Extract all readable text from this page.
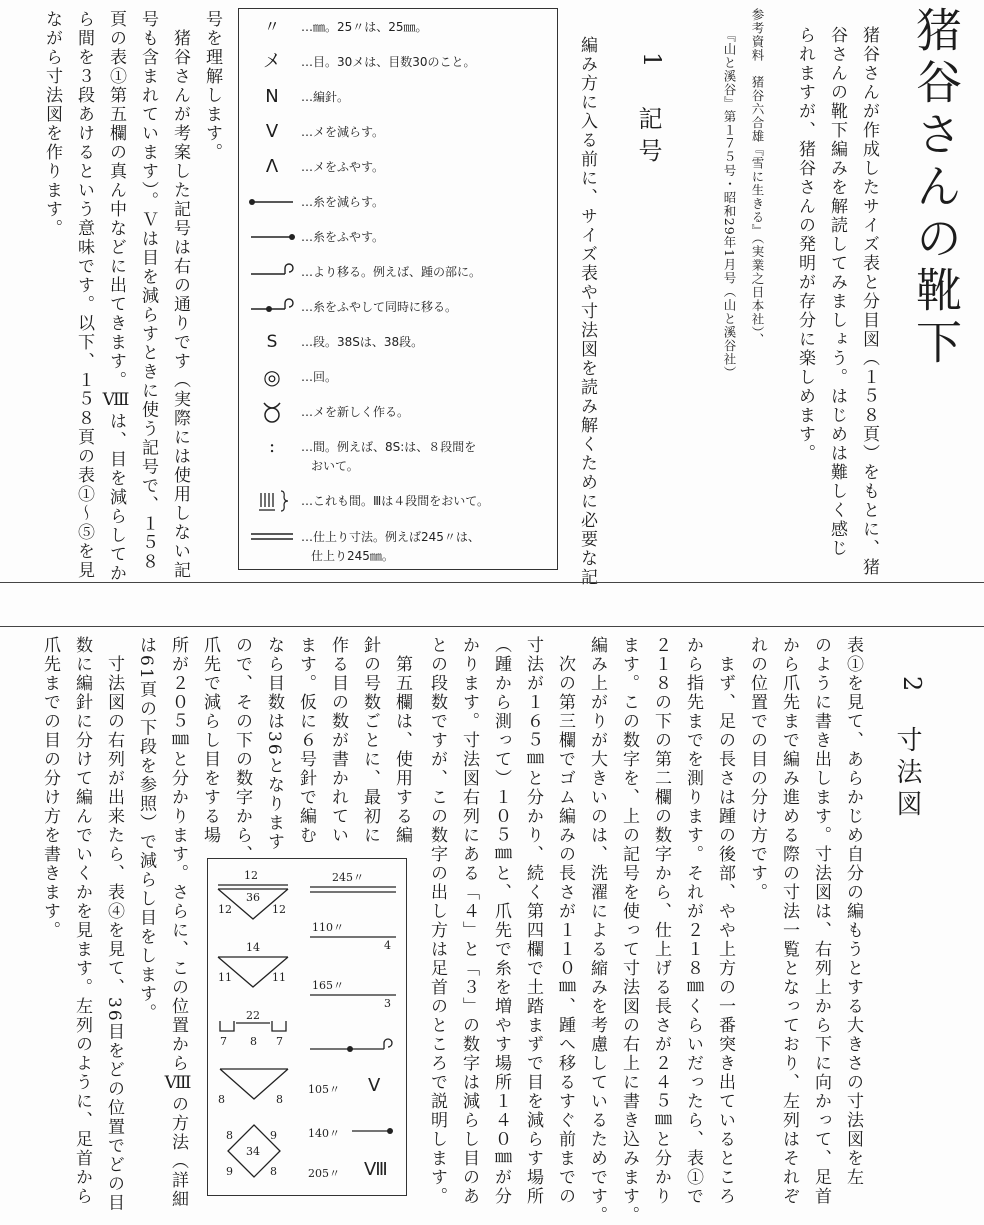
猪谷さんの靴下
猪谷さんが作成したサイズ表と分目図（１５８頁）をもとに、猪
谷さんの靴下編みを解読してみましょう。はじめは難しく感じ
られますが、猪谷さんの発明が存分に楽しめます。
参考資料　猪谷六合雄『雪に生きる』（実業之日本社）、
　　『山と溪谷』第１７５号・昭和29年1月号（山と溪谷社）
1
記号
編み方に入る前に、サイズ表や寸法図を読み解くために必要な記
〃	…㎜。25〃は、25㎜。
メ	…目。30メは、目数30のこと。
N	…編針。
V	…メを減らす。
Λ	…メをふやす。
…糸を減らす。
…糸をふやす。
…より移る。例えば、踵の部に。
…糸をふやして同時に移る。
S	…段。38Sは、38段。
◎	…回。
…メを新しく作る。
:	…間。例えば、8S:は、８段間を
おいて。
…これも間。Ⅲは４段間をおいて。
…仕上り寸法。例えば245〃は、
仕上り245㎜。
号を理解します。
　猪谷さんが考案した記号は右の通りです（実際には使用しない記
号も含まれています）。Ｖは目を減らすときに使う記号で、１５８
頁の表①第五欄の真ん中などに出てきます。Ⅷは、目を減らしてか
ら間を３段あけるという意味です。以下、１５８頁の表①～⑤を見
ながら寸法図を作ります。
2
寸法図
表①を見て、あらかじめ自分の編もうとする大きさの寸法図を左
のように書き出します。寸法図は、右列上から下に向かって、足首
から爪先まで編み進める際の寸法一覧となっており、左列はそれぞ
れの位置での目の分け方です。
　まず、足の長さは踵の後部、やや上方の一番突き出ているところ
から指先までを測ります。それが２１８㎜くらいだったら、表①で
２１８の下の第二欄の数字から、仕上げる長さが２４５㎜と分かり
ます。この数字を、上の記号を使って寸法図の右上に書き込みます。
編み上がりが大きいのは、洗濯による縮みを考慮しているためです。
　次の第三欄でゴム編みの長さが１１０㎜、踵へ移るすぐ前までの
寸法が１６５㎜と分かり、続く第四欄で土踏まずで目を減らす場所
（踵から測って）１０５㎜と、爪先で糸を増やす場所１４０㎜が分
かります。寸法図右列にある「４」と「３」の数字は減らし目のあ
との段数ですが、この数字の出し方は足首のところで説明します。
　第五欄は、使用する編
針の号数ごとに、最初に
作る目の数が書かれてい
ます。仮に６号針で編む
なら目数は36となります
ので、その下の数字から、
爪先で減らし目をする場
所が２０５㎜と分かります。さらに、この位置からⅧの方法（詳細
は61頁の下段を参照）で減らし目をします。
　寸法図の右列が出来たら、表④を見て、36目をどの位置でどの目
数に編針に分けて編んでいくかを見ます。左列のように、足首から
爪先までの目の分け方を書きます。	245〃
110〃
4
165〃
3
105〃 V
140〃
205〃 Ⅷ
12
36
12	12
14
11	11
22
7 8 7
8	8
8	9
34
9	8
